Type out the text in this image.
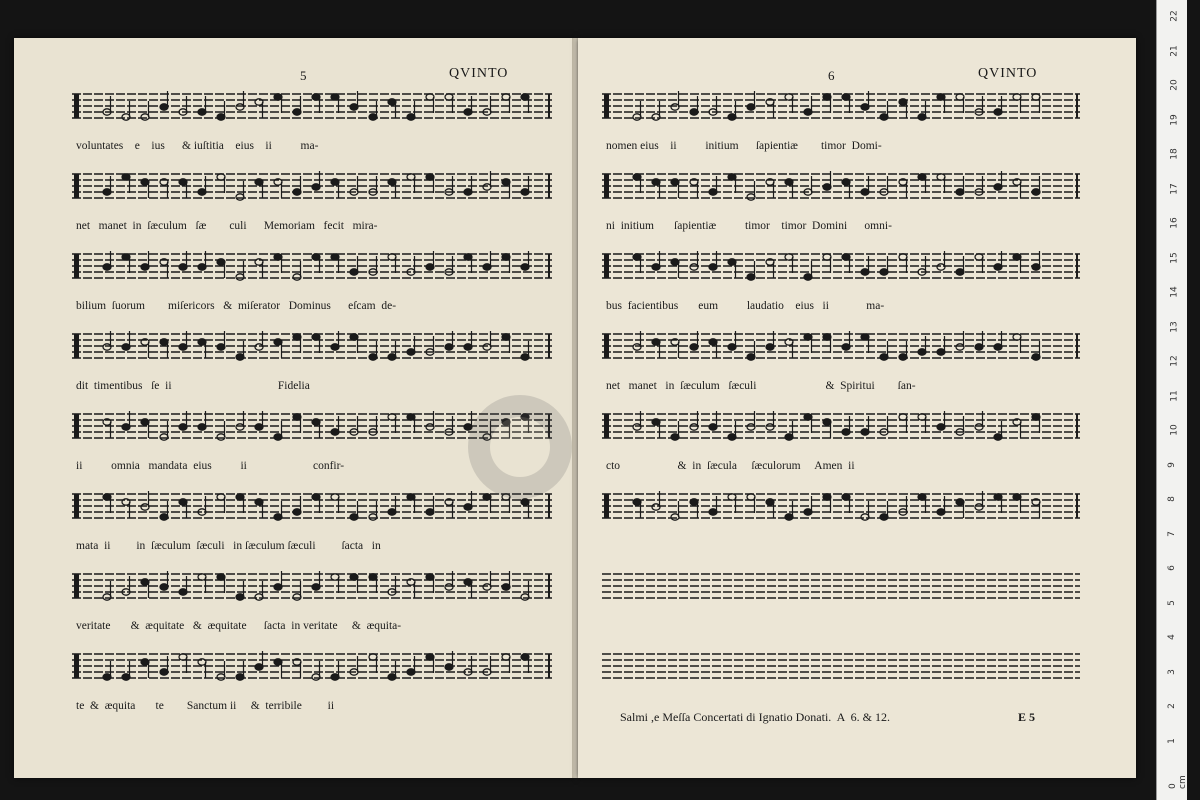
5	QVINTO
voluntates    e    ius      & iuſtitia    eius    ii          ma-
net   manet  in  ſæculum   ſæ        culi      Memoriam   fecit   mira-
bilium  ſuorum        miſericors   &  miſerator   Dominus      eſcam  de-
dit  timentibus   ſe  ii                                     Fidelia
ii          omnia   mandata  eius          ii                       confir-
mata  ii         in  ſæculum  ſæculi   in ſæculum ſæculi         ſacta   in
veritate       &  æquitate   &  æquitate      ſacta  in veritate     &  æquita-
te  &  æquita       te        Sanctum ii     &  terribile         ii
6	QVINTO
nomen eius    ii          initium      ſapientiæ        timor  Domi-
ni  initium       ſapientiæ          timor    timor  Domini      omni-
bus  facientibus       eum          laudatio    eius   ii             ma-
net   manet   in  ſæculum   ſæculi                        &  Spiritui        ſan-
cto                    &  in  ſæcula     ſæculorum     Amen  ii
Salmi ,e Meſſa Concertati di Ignatio Donati.  A  6. & 12.	E 5
0 cm
1
2
3
4
5
6
7
8
9
10
11
12
13
14
15
16
17
18
19
20
21
22
